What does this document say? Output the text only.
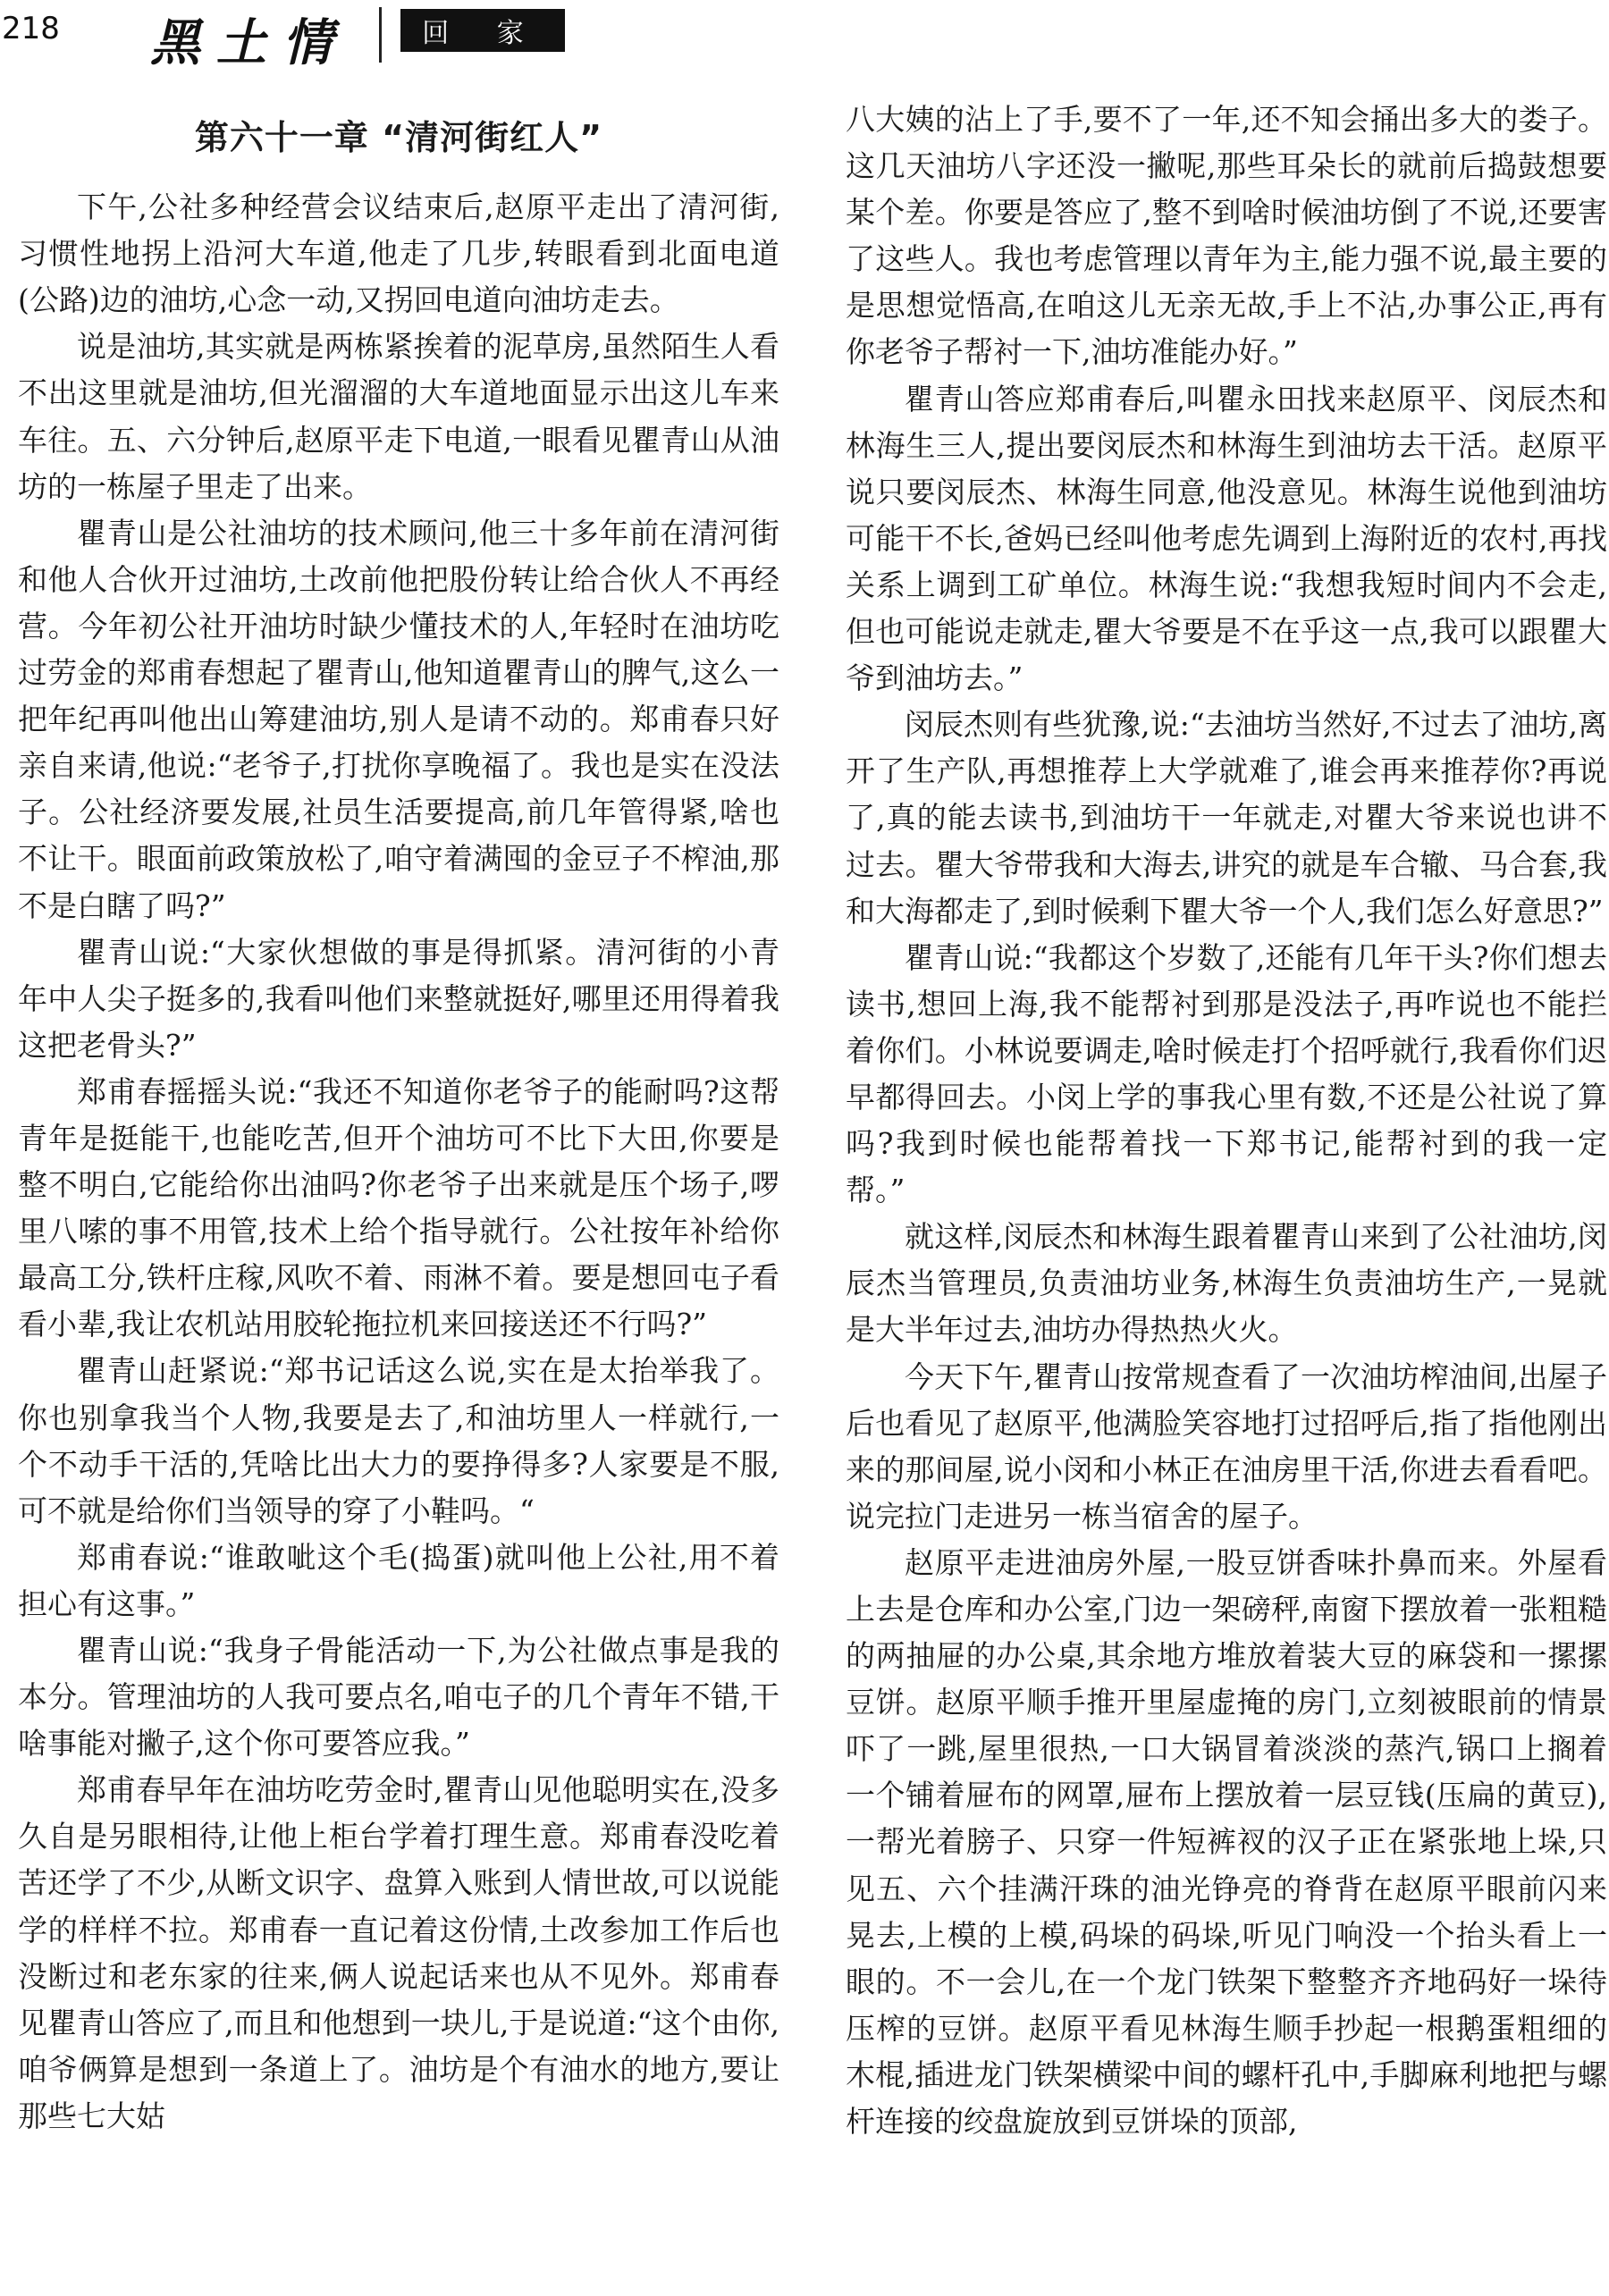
218 黑土情	回 家
第六十一章 “清河街红人”

下午,公社多种经营会议结束后,赵原平走出了清河街,习惯性地拐上沿河大车道,他走了几步,转眼看到北面电道(公路)边的油坊,心念一动,又拐回电道向油坊走去。

说是油坊,其实就是两栋紧挨着的泥草房,虽然陌生人看不出这里就是油坊,但光溜溜的大车道地面显示出这儿车来车往。五、六分钟后,赵原平走下电道,一眼看见瞿青山从油坊的一栋屋子里走了出来。

瞿青山是公社油坊的技术顾问,他三十多年前在清河街和他人合伙开过油坊,土改前他把股份转让给合伙人不再经营。今年初公社开油坊时缺少懂技术的人,年轻时在油坊吃过劳金的郑甫春想起了瞿青山,他知道瞿青山的脾气,这么一把年纪再叫他出山筹建油坊,别人是请不动的。郑甫春只好亲自来请,他说:“老爷子,打扰你享晚福了。我也是实在没法子。公社经济要发展,社员生活要提高,前几年管得紧,啥也不让干。眼面前政策放松了,咱守着满囤的金豆子不榨油,那不是白瞎了吗?”

瞿青山说:“大家伙想做的事是得抓紧。清河街的小青年中人尖子挺多的,我看叫他们来整就挺好,哪里还用得着我这把老骨头?”

郑甫春摇摇头说:“我还不知道你老爷子的能耐吗?这帮青年是挺能干,也能吃苦,但开个油坊可不比下大田,你要是整不明白,它能给你出油吗?你老爷子出来就是压个场子,啰里八嗦的事不用管,技术上给个指导就行。公社按年补给你最高工分,铁杆庄稼,风吹不着、雨淋不着。要是想回屯子看看小辈,我让农机站用胶轮拖拉机来回接送还不行吗?”

瞿青山赶紧说:“郑书记话这么说,实在是太抬举我了。你也别拿我当个人物,我要是去了,和油坊里人一样就行,一个不动手干活的,凭啥比出大力的要挣得多?人家要是不服,可不就是给你们当领导的穿了小鞋吗。“

郑甫春说:“谁敢呲这个毛(捣蛋)就叫他上公社,用不着担心有这事。”

瞿青山说:“我身子骨能活动一下,为公社做点事是我的本分。管理油坊的人我可要点名,咱屯子的几个青年不错,干啥事能对撇子,这个你可要答应我。”

郑甫春早年在油坊吃劳金时,瞿青山见他聪明实在,没多久自是另眼相待,让他上柜台学着打理生意。郑甫春没吃着苦还学了不少,从断文识字、盘算入账到人情世故,可以说能学的样样不拉。郑甫春一直记着这份情,土改参加工作后也没断过和老东家的往来,俩人说起话来也从不见外。郑甫春见瞿青山答应了,而且和他想到一块儿,于是说道:“这个由你,咱爷俩算是想到一条道上了。油坊是个有油水的地方,要让那些七大姑

八大姨的沾上了手,要不了一年,还不知会捅出多大的娄子。这几天油坊八字还没一撇呢,那些耳朵长的就前后捣鼓想要某个差。你要是答应了,整不到啥时候油坊倒了不说,还要害了这些人。我也考虑管理以青年为主,能力强不说,最主要的是思想觉悟高,在咱这儿无亲无故,手上不沾,办事公正,再有你老爷子帮衬一下,油坊准能办好。”

瞿青山答应郑甫春后,叫瞿永田找来赵原平、闵辰杰和林海生三人,提出要闵辰杰和林海生到油坊去干活。赵原平说只要闵辰杰、林海生同意,他没意见。林海生说他到油坊可能干不长,爸妈已经叫他考虑先调到上海附近的农村,再找关系上调到工矿单位。林海生说:“我想我短时间内不会走,但也可能说走就走,瞿大爷要是不在乎这一点,我可以跟瞿大爷到油坊去。”

闵辰杰则有些犹豫,说:“去油坊当然好,不过去了油坊,离开了生产队,再想推荐上大学就难了,谁会再来推荐你?再说了,真的能去读书,到油坊干一年就走,对瞿大爷来说也讲不过去。瞿大爷带我和大海去,讲究的就是车合辙、马合套,我和大海都走了,到时候剩下瞿大爷一个人,我们怎么好意思?”

瞿青山说:“我都这个岁数了,还能有几年干头?你们想去读书,想回上海,我不能帮衬到那是没法子,再咋说也不能拦着你们。小林说要调走,啥时候走打个招呼就行,我看你们迟早都得回去。小闵上学的事我心里有数,不还是公社说了算吗?我到时候也能帮着找一下郑书记,能帮衬到的我一定帮。”

就这样,闵辰杰和林海生跟着瞿青山来到了公社油坊,闵辰杰当管理员,负责油坊业务,林海生负责油坊生产,一晃就是大半年过去,油坊办得热热火火。

今天下午,瞿青山按常规查看了一次油坊榨油间,出屋子后也看见了赵原平,他满脸笑容地打过招呼后,指了指他刚出来的那间屋,说小闵和小林正在油房里干活,你进去看看吧。说完拉门走进另一栋当宿舍的屋子。

赵原平走进油房外屋,一股豆饼香味扑鼻而来。外屋看上去是仓库和办公室,门边一架磅秤,南窗下摆放着一张粗糙的两抽屉的办公桌,其余地方堆放着装大豆的麻袋和一摞摞豆饼。赵原平顺手推开里屋虚掩的房门,立刻被眼前的情景吓了一跳,屋里很热,一口大锅冒着淡淡的蒸汽,锅口上搁着一个铺着屉布的网罩,屉布上摆放着一层豆钱(压扁的黄豆),一帮光着膀子、只穿一件短裤衩的汉子正在紧张地上垛,只见五、六个挂满汗珠的油光铮亮的脊背在赵原平眼前闪来晃去,上模的上模,码垛的码垛,听见门响没一个抬头看上一眼的。不一会儿,在一个龙门铁架下整整齐齐地码好一垛待压榨的豆饼。赵原平看见林海生顺手抄起一根鹅蛋粗细的木棍,插进龙门铁架横梁中间的螺杆孔中,手脚麻利地把与螺杆连接的绞盘旋放到豆饼垛的顶部,
